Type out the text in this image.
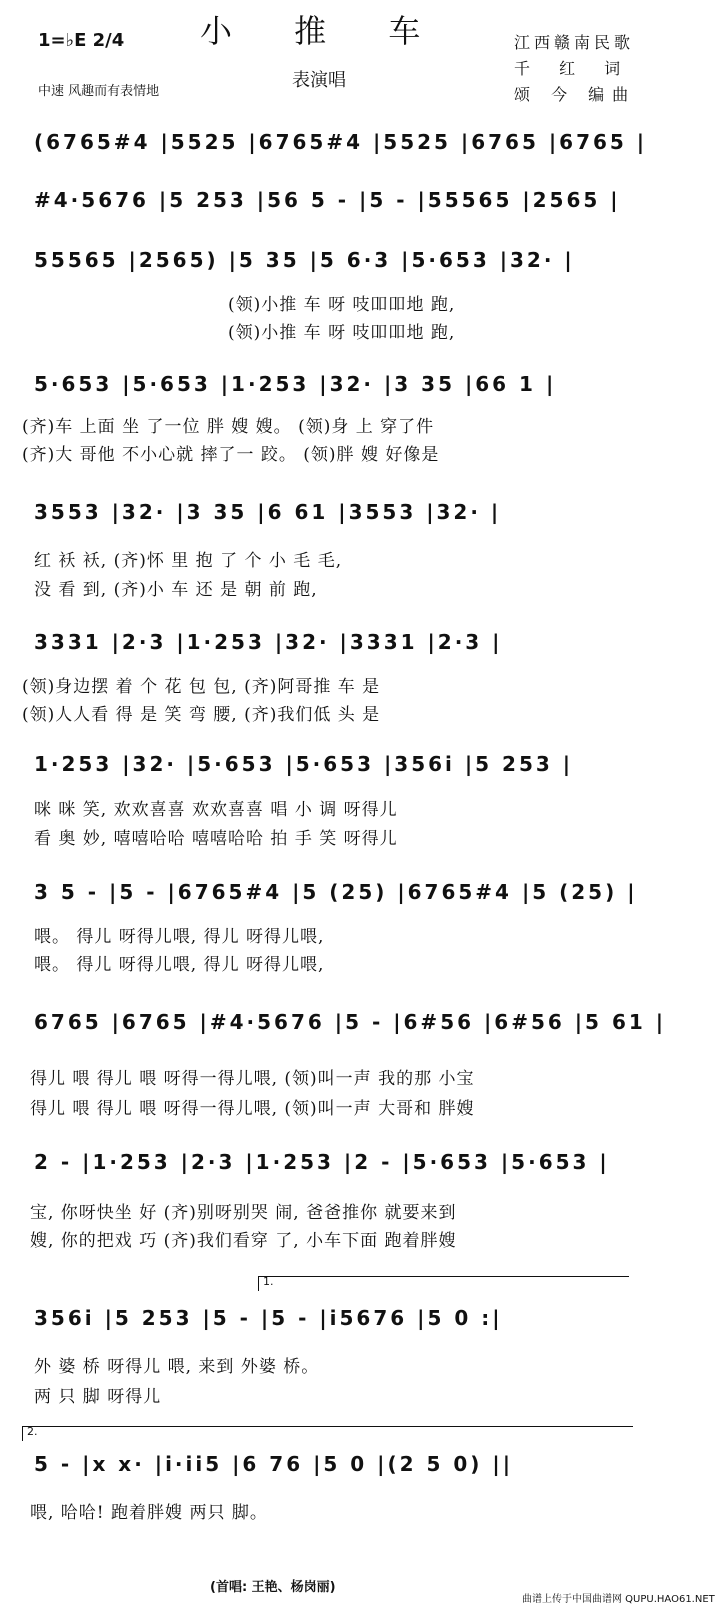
1=♭E 2/4 小 推 车
表演唱
中速 风趣而有表情地
江西赣南民歌
千 红 词
颂 今 编曲
(6765#4 |5525 |6765#4 |5525 |6765 |6765 |
#4·5676 |5 253 |56 5 - |5 - |55565 |2565 |
55565 |2565) |5 35 |5 6·3 |5·653 |32· |
(领)小推 车 呀 吱吅吅地 跑,
(领)小推 车 呀 吱吅吅地 跑,
5·653 |5·653 |1·253 |32· |3 35 |66 1 |
(齐)车 上面 坐 了一位 胖 嫂 嫂。 (领)身 上 穿了件
(齐)大 哥他 不小心就 摔了一 跤。 (领)胖 嫂 好像是
3553 |32· |3 35 |6 61 |3553 |32· |
红 袄 袄, (齐)怀 里 抱 了 个 小 毛 毛,
没 看 到, (齐)小 车 还 是 朝 前 跑,
3331 |2·3 |1·253 |32· |3331 |2·3 |
(领)身边摆 着 个 花 包 包, (齐)阿哥推 车 是
(领)人人看 得 是 笑 弯 腰, (齐)我们低 头 是
1·253 |32· |5·653 |5·653 |356i |5 253 |
咪 咪 笑, 欢欢喜喜 欢欢喜喜 唱 小 调 呀得儿
看 奥 妙, 嘻嘻哈哈 嘻嘻哈哈 拍 手 笑 呀得儿
3 5 - |5 - |6765#4 |5 (25) |6765#4 |5 (25) |
喂。 得儿 呀得儿喂, 得儿 呀得儿喂,
喂。 得儿 呀得儿喂, 得儿 呀得儿喂,
6765 |6765 |#4·5676 |5 - |6#56 |6#56 |5 61 |
得儿 喂 得儿 喂 呀得一得儿喂, (领)叫一声 我的那 小宝
得儿 喂 得儿 喂 呀得一得儿喂, (领)叫一声 大哥和 胖嫂
2 - |1·253 |2·3 |1·253 |2 - |5·653 |5·653 |
宝, 你呀快坐 好 (齐)别呀别哭 闹, 爸爸推你 就要来到
嫂, 你的把戏 巧 (齐)我们看穿 了, 小车下面 跑着胖嫂
1.
356i |5 253 |5 - |5 - |i5676 |5 0 :|
外 婆 桥 呀得儿 喂, 来到 外婆 桥。
两 只 脚 呀得儿
2.
5 - |x x· |i·ii5 |6 76 |5 0 |(2 5 0) ||
喂, 哈哈! 跑着胖嫂 两只 脚。
(首唱: 王艳、杨岗丽)
曲谱上传于中国曲谱网 QUPU.HAO61.NET
